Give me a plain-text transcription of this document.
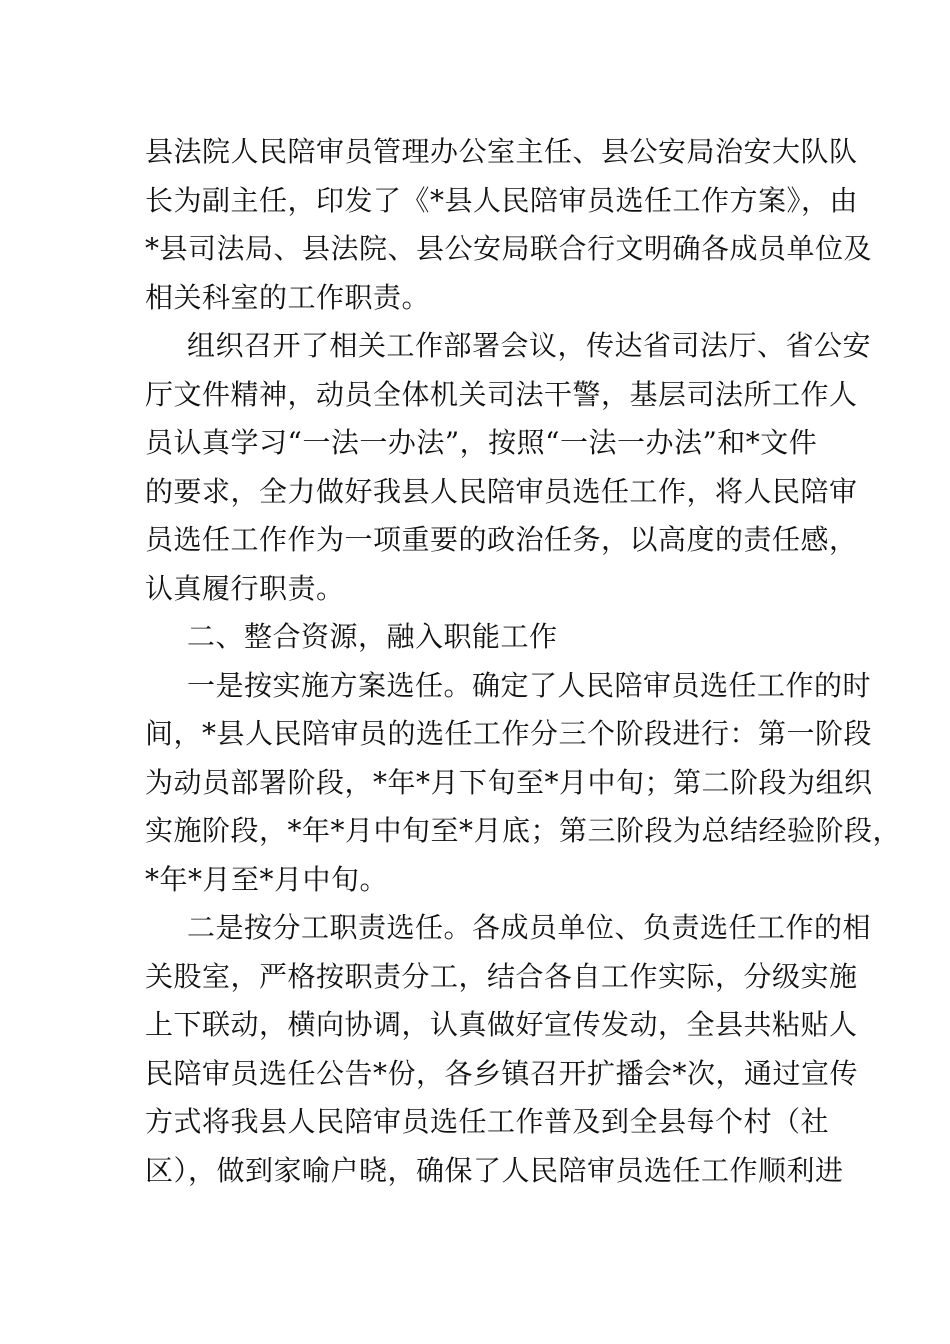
县法院人民陪审员管理办公室主任、县公安局治安大队队
长为副主任，印发了《*县人民陪审员选任工作方案》，由
*县司法局、县法院、县公安局联合行文明确各成员单位及
相关科室的工作职责。
组织召开了相关工作部署会议，传达省司法厅、省公安
厅文件精神，动员全体机关司法干警，基层司法所工作人
员认真学习“一法一办法”，按照“一法一办法”和*文件
的要求，全力做好我县人民陪审员选任工作，将人民陪审
员选任工作作为一项重要的政治任务，以高度的责任感，
认真履行职责。
二、整合资源，融入职能工作
一是按实施方案选任。确定了人民陪审员选任工作的时
间，*县人民陪审员的选任工作分三个阶段进行：第一阶段
为动员部署阶段，*年*月下旬至*月中旬；第二阶段为组织
实施阶段，*年*月中旬至*月底；第三阶段为总结经验阶段，
*年*月至*月中旬。
二是按分工职责选任。各成员单位、负责选任工作的相
关股室，严格按职责分工，结合各自工作实际，分级实施
上下联动，横向协调，认真做好宣传发动，全县共粘贴人
民陪审员选任公告*份，各乡镇召开扩播会*次，通过宣传
方式将我县人民陪审员选任工作普及到全县每个村（社
区），做到家喻户晓，确保了人民陪审员选任工作顺利进
